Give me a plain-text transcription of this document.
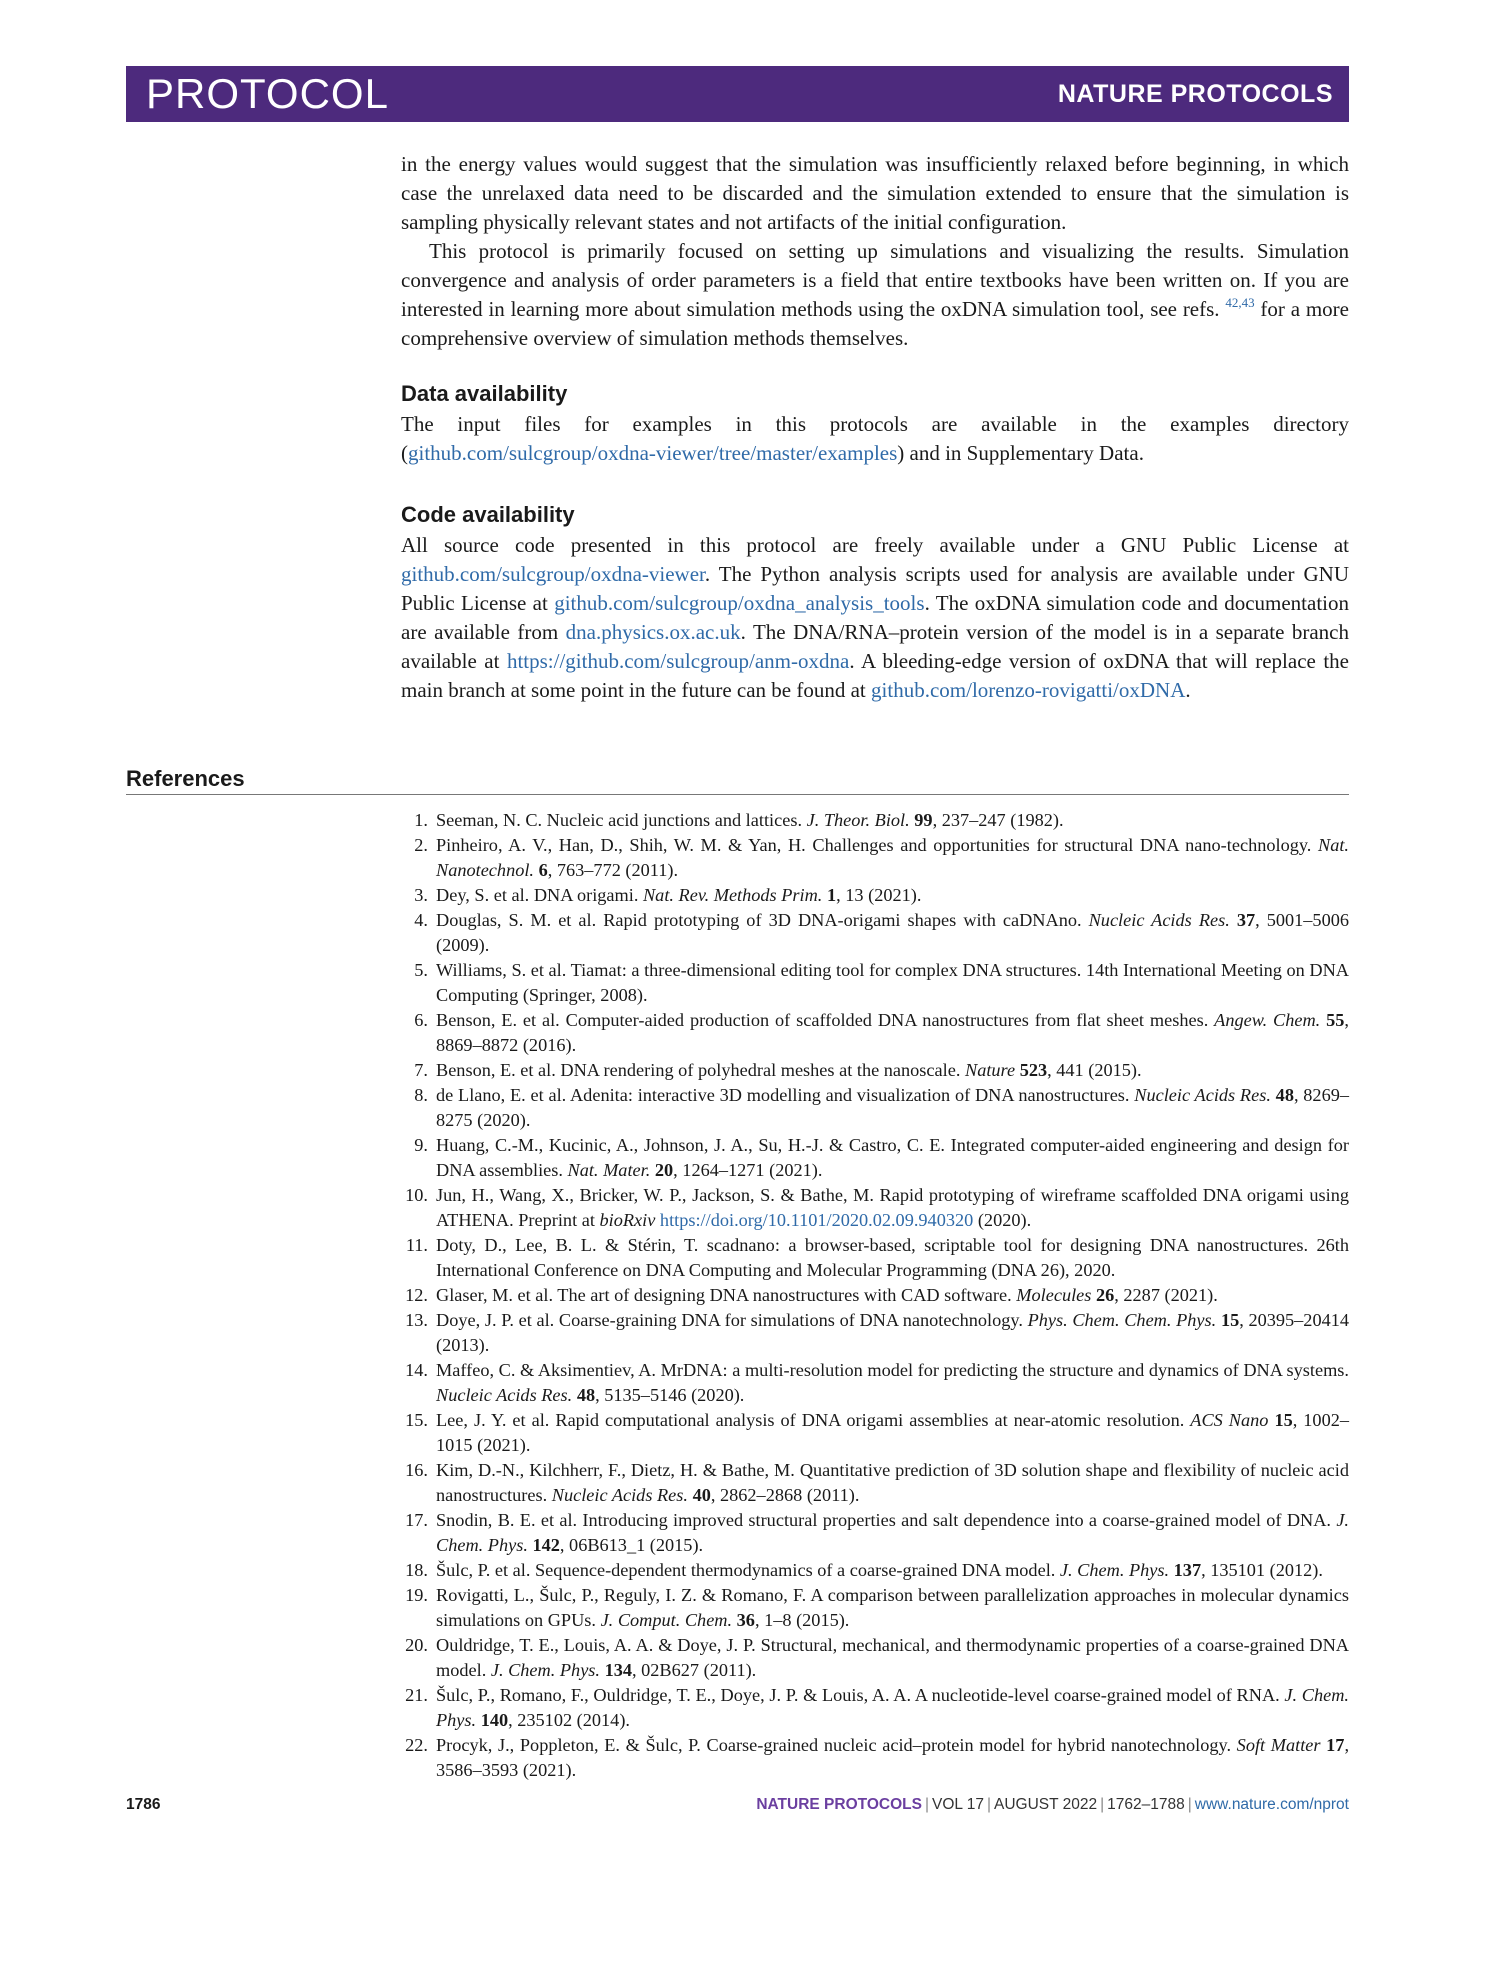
PROTOCOL	NATURE PROTOCOLS

in the energy values would suggest that the simulation was insufficiently relaxed before beginning, in which case the unrelaxed data need to be discarded and the simulation extended to ensure that the simulation is sampling physically relevant states and not artifacts of the initial configuration.

This protocol is primarily focused on setting up simulations and visualizing the results. Simulation convergence and analysis of order parameters is a field that entire textbooks have been written on. If you are interested in learning more about simulation methods using the oxDNA simulation tool, see refs. $^{42,43}$ for a more comprehensive overview of simulation methods themselves.

Data availability

The input files for examples in this protocols are available in the examples directory (github.com/sulcgroup/oxdna-viewer/tree/master/examples) and in Supplementary Data.

Code availability

All source code presented in this protocol are freely available under a GNU Public License at github.com/sulcgroup/oxdna-viewer. The Python analysis scripts used for analysis are available under GNU Public License at github.com/sulcgroup/oxdna_analysis_tools. The oxDNA simulation code and documentation are available from dna.physics.ox.ac.uk. The DNA/RNA–protein version of the model is in a separate branch available at https://github.com/sulcgroup/anm-oxdna. A bleeding-edge version of oxDNA that will replace the main branch at some point in the future can be found at github.com/lorenzo-rovigatti/oxDNA.

References
1. Seeman, N. C. Nucleic acid junctions and lattices. J. Theor. Biol. 99, 237–247 (1982).
2. Pinheiro, A. V., Han, D., Shih, W. M. & Yan, H. Challenges and opportunities for structural DNA nano-technology. Nat. Nanotechnol. 6, 763–772 (2011).
3. Dey, S. et al. DNA origami. Nat. Rev. Methods Prim. 1, 13 (2021).
4. Douglas, S. M. et al. Rapid prototyping of 3D DNA-origami shapes with caDNAno. Nucleic Acids Res. 37, 5001–5006 (2009).
5. Williams, S. et al. Tiamat: a three-dimensional editing tool for complex DNA structures. 14th International Meeting on DNA Computing (Springer, 2008).
6. Benson, E. et al. Computer-aided production of scaffolded DNA nanostructures from flat sheet meshes. Angew. Chem. 55, 8869–8872 (2016).
7. Benson, E. et al. DNA rendering of polyhedral meshes at the nanoscale. Nature 523, 441 (2015).
8. de Llano, E. et al. Adenita: interactive 3D modelling and visualization of DNA nanostructures. Nucleic Acids Res. 48, 8269–8275 (2020).
9. Huang, C.-M., Kucinic, A., Johnson, J. A., Su, H.-J. & Castro, C. E. Integrated computer-aided engineering and design for DNA assemblies. Nat. Mater. 20, 1264–1271 (2021).
10. Jun, H., Wang, X., Bricker, W. P., Jackson, S. & Bathe, M. Rapid prototyping of wireframe scaffolded DNA origami using ATHENA. Preprint at bioRxiv https://doi.org/10.1101/2020.02.09.940320 (2020).
11. Doty, D., Lee, B. L. & Stérin, T. scadnano: a browser-based, scriptable tool for designing DNA nanostructures. 26th International Conference on DNA Computing and Molecular Programming (DNA 26), 2020.
12. Glaser, M. et al. The art of designing DNA nanostructures with CAD software. Molecules 26, 2287 (2021).
13. Doye, J. P. et al. Coarse-graining DNA for simulations of DNA nanotechnology. Phys. Chem. Chem. Phys. 15, 20395–20414 (2013).
14. Maffeo, C. & Aksimentiev, A. MrDNA: a multi-resolution model for predicting the structure and dynamics of DNA systems. Nucleic Acids Res. 48, 5135–5146 (2020).
15. Lee, J. Y. et al. Rapid computational analysis of DNA origami assemblies at near-atomic resolution. ACS Nano 15, 1002–1015 (2021).
16. Kim, D.-N., Kilchherr, F., Dietz, H. & Bathe, M. Quantitative prediction of 3D solution shape and flexibility of nucleic acid nanostructures. Nucleic Acids Res. 40, 2862–2868 (2011).
17. Snodin, B. E. et al. Introducing improved structural properties and salt dependence into a coarse-grained model of DNA. J. Chem. Phys. 142, 06B613_1 (2015).
18. Šulc, P. et al. Sequence-dependent thermodynamics of a coarse-grained DNA model. J. Chem. Phys. 137, 135101 (2012).
19. Rovigatti, L., Šulc, P., Reguly, I. Z. & Romano, F. A comparison between parallelization approaches in molecular dynamics simulations on GPUs. J. Comput. Chem. 36, 1–8 (2015).
20. Ouldridge, T. E., Louis, A. A. & Doye, J. P. Structural, mechanical, and thermodynamic properties of a coarse-grained DNA model. J. Chem. Phys. 134, 02B627 (2011).
21. Šulc, P., Romano, F., Ouldridge, T. E., Doye, J. P. & Louis, A. A. A nucleotide-level coarse-grained model of RNA. J. Chem. Phys. 140, 235102 (2014).
22. Procyk, J., Poppleton, E. & Šulc, P. Coarse-grained nucleic acid–protein model for hybrid nanotechnology. Soft Matter 17, 3586–3593 (2021).
1786	NATURE PROTOCOLS | VOL 17 | AUGUST 2022 | 1762–1788 | www.nature.com/nprot
